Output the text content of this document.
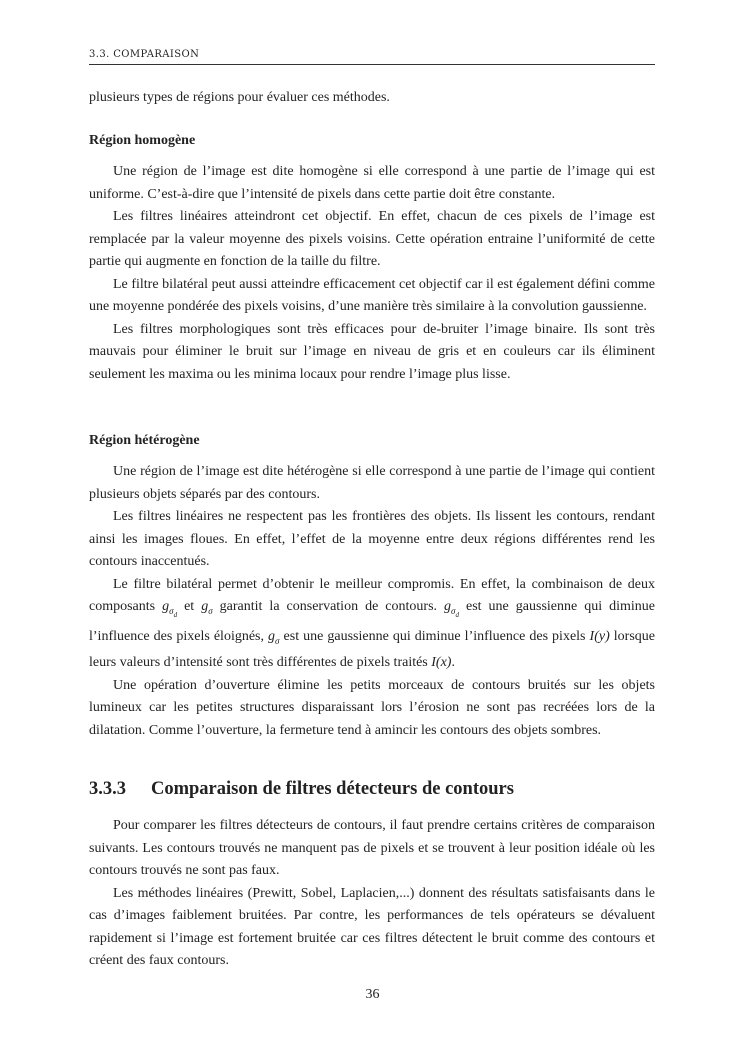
3.3. COMPARAISON

plusieurs types de régions pour évaluer ces méthodes.

Région homogène

Une région de l’image est dite homogène si elle correspond à une partie de l’image qui est uniforme. C’est-à-dire que l’intensité de pixels dans cette partie doit être constante.

Les filtres linéaires atteindront cet objectif. En effet, chacun de ces pixels de l’image est remplacée par la valeur moyenne des pixels voisins. Cette opération entraine l’uniformité de cette partie qui augmente en fonction de la taille du filtre.

Le filtre bilatéral peut aussi atteindre efficacement cet objectif car il est également défini comme une moyenne pondérée des pixels voisins, d’une manière très similaire à la convolution gaussienne.

Les filtres morphologiques sont très efficaces pour de-bruiter l’image binaire. Ils sont très mauvais pour éliminer le bruit sur l’image en niveau de gris et en couleurs car ils éliminent seulement les maxima ou les minima locaux pour rendre l’image plus lisse.

Région hétérogène

Une région de l’image est dite hétérogène si elle correspond à une partie de l’image qui contient plusieurs objets séparés par des contours.

Les filtres linéaires ne respectent pas les frontières des objets. Ils lissent les contours, rendant ainsi les images floues. En effet, l’effet de la moyenne entre deux régions différentes rend les contours inaccentués.

Le filtre bilatéral permet d’obtenir le meilleur compromis. En effet, la combinaison de deux composants $g_{\sigma_d}$ et $g_\sigma$ garantit la conservation de contours. $g_{\sigma_d}$ est une gaussienne qui diminue l’influence des pixels éloignés, $g_\sigma$ est une gaussienne qui diminue l’influence des pixels I(y) lorsque leurs valeurs d’intensité sont très différentes de pixels traités I(x).

Une opération d’ouverture élimine les petits morceaux de contours bruités sur les objets lumineux car les petites structures disparaissant lors l’érosion ne sont pas recréées lors de la dilatation. Comme l’ouverture, la fermeture tend à amincir les contours des objets sombres.

3.3.3 Comparaison de filtres détecteurs de contours

Pour comparer les filtres détecteurs de contours, il faut prendre certains critères de comparaison suivants. Les contours trouvés ne manquent pas de pixels et se trouvent à leur position idéale où les contours trouvés ne sont pas faux.

Les méthodes linéaires (Prewitt, Sobel, Laplacien,...) donnent des résultats satisfaisants dans le cas d’images faiblement bruitées. Par contre, les performances de tels opérateurs se dévaluent rapidement si l’image est fortement bruitée car ces filtres détectent le bruit comme des contours et créent des faux contours.

36
